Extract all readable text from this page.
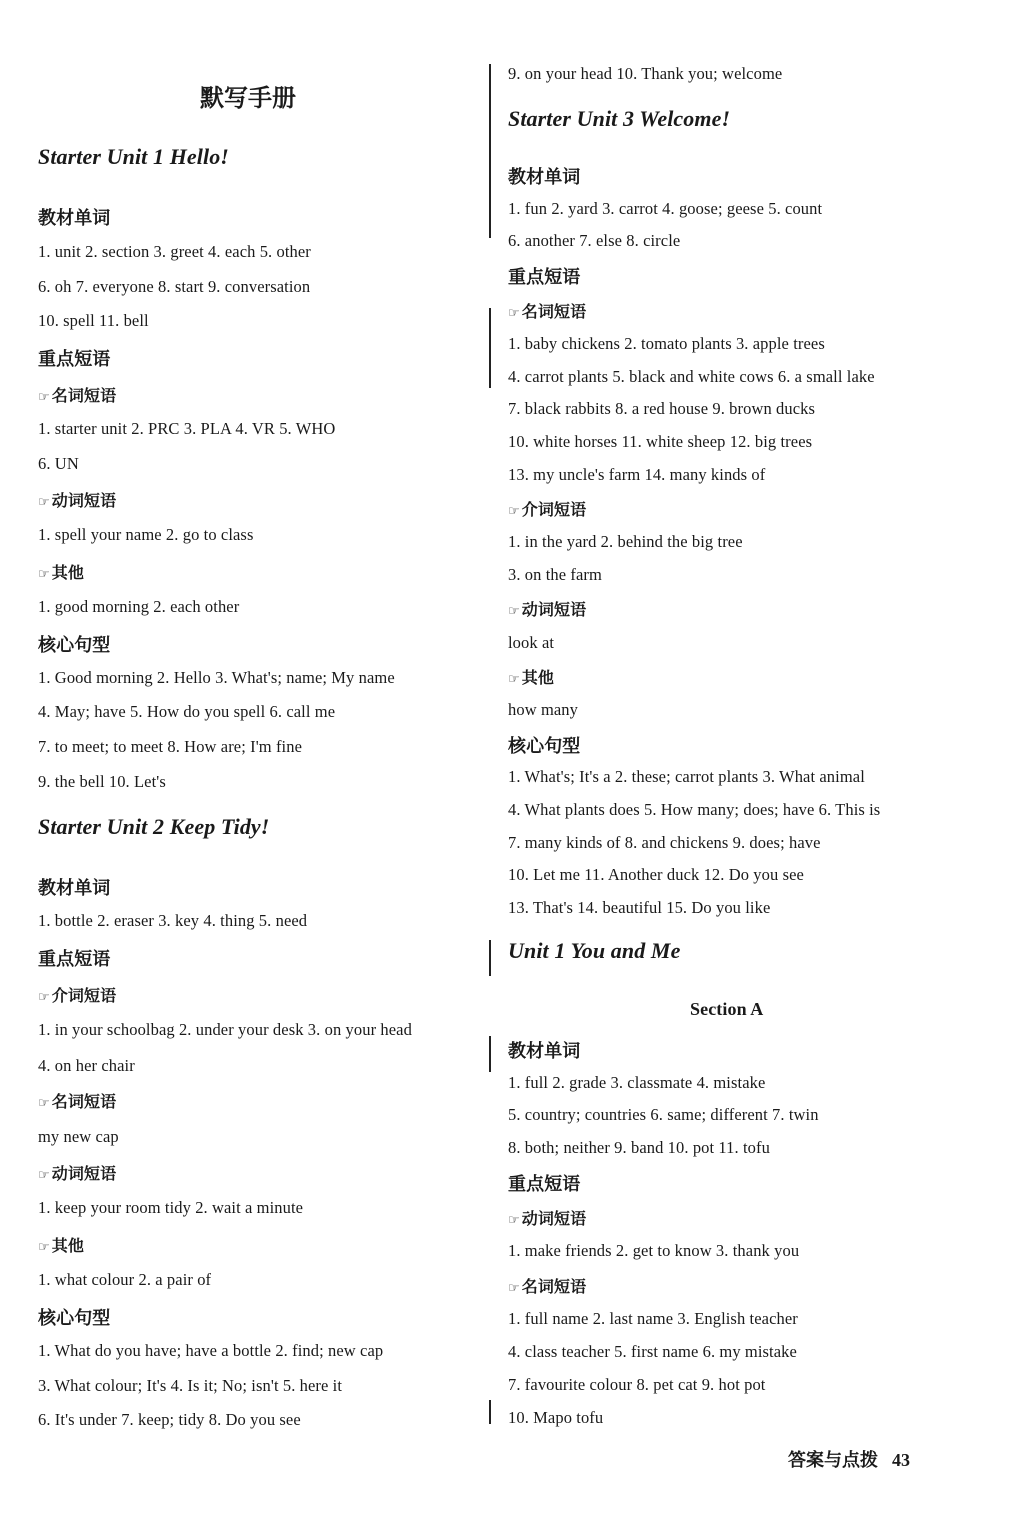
默写手册
Starter Unit 1 Hello!
教材单词
1. unit 2. section 3. greet 4. each 5. other
6. oh 7. everyone 8. start 9. conversation
10. spell 11. bell
重点短语
☞ 名词短语
1. starter unit 2. PRC 3. PLA 4. VR 5. WHO
6. UN
☞ 动词短语
1. spell your name 2. go to class
☞ 其他
1. good morning 2. each other
核心句型
1. Good morning 2. Hello 3. What's; name; My name
4. May; have 5. How do you spell 6. call me
7. to meet; to meet 8. How are; I'm fine
9. the bell 10. Let's
Starter Unit 2 Keep Tidy!
教材单词
1. bottle 2. eraser 3. key 4. thing 5. need
重点短语
☞ 介词短语
1. in your schoolbag 2. under your desk 3. on your head
4. on her chair
☞ 名词短语
my new cap
☞ 动词短语
1. keep your room tidy 2. wait a minute
☞ 其他
1. what colour 2. a pair of
核心句型
1. What do you have; have a bottle 2. find; new cap
3. What colour; It's 4. Is it; No; isn't 5. here it
6. It's under 7. keep; tidy 8. Do you see
9. on your head 10. Thank you; welcome
Starter Unit 3 Welcome!
教材单词
1. fun 2. yard 3. carrot 4. goose; geese 5. count
6. another 7. else 8. circle
重点短语
☞ 名词短语
1. baby chickens 2. tomato plants 3. apple trees
4. carrot plants 5. black and white cows 6. a small lake
7. black rabbits 8. a red house 9. brown ducks
10. white horses 11. white sheep 12. big trees
13. my uncle's farm 14. many kinds of
☞ 介词短语
1. in the yard 2. behind the big tree
3. on the farm
☞ 动词短语
look at
☞ 其他
how many
核心句型
1. What's; It's a 2. these; carrot plants 3. What animal
4. What plants does 5. How many; does; have 6. This is
7. many kinds of 8. and chickens 9. does; have
10. Let me 11. Another duck 12. Do you see
13. That's 14. beautiful 15. Do you like
Unit 1 You and Me
Section A
教材单词
1. full 2. grade 3. classmate 4. mistake
5. country; countries 6. same; different 7. twin
8. both; neither 9. band 10. pot 11. tofu
重点短语
☞ 动词短语
1. make friends 2. get to know 3. thank you
☞ 名词短语
1. full name 2. last name 3. English teacher
4. class teacher 5. first name 6. my mistake
7. favourite colour 8. pet cat 9. hot pot
10. Mapo tofu
答案与点拨 43
